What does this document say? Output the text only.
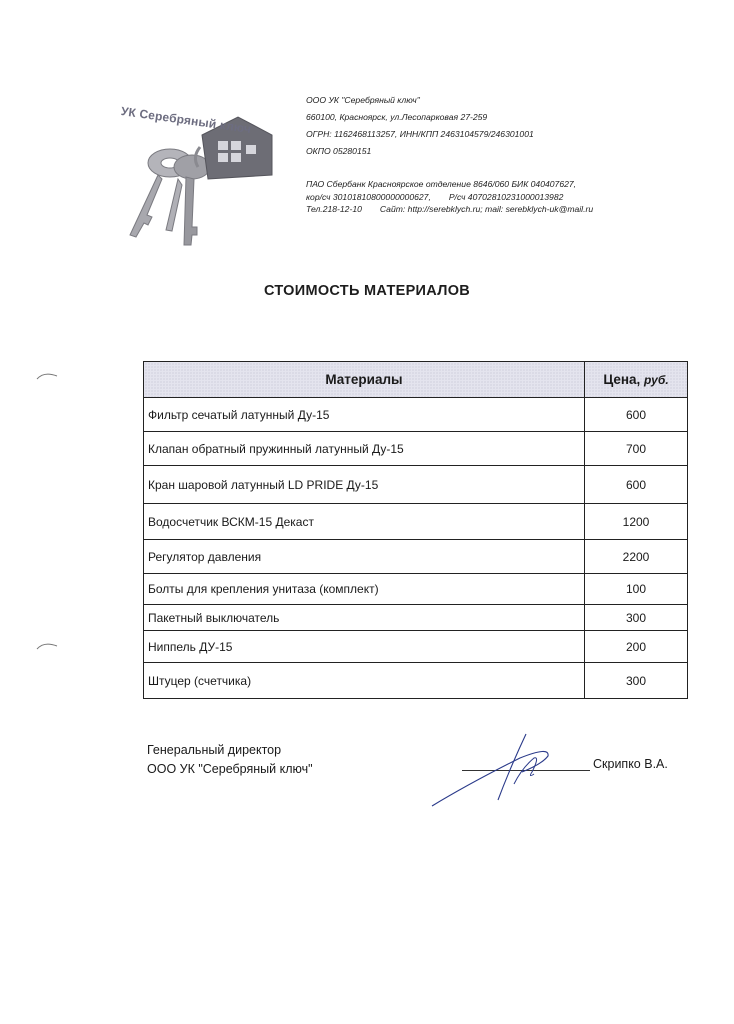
УК Серебряный ключ
ООО УК "Серебряный ключ"
660100, Красноярск, ул.Лесопарковая 27-259
ОГРН: 1162468113257, ИНН/КПП 2463104579/246301001
ОКПО 05280151
ПАО Сбербанк Красноярское отделение 8646/060 БИК 040407627,
кор/сч 30101810800000000627, Р/сч 40702810231000013982
Тел.218-12-10 Сайт: http://serebklych.ru; mail: serebklych-uk@mail.ru
СТОИМОСТЬ МАТЕРИАЛОВ
Материалы	Цена, руб.
Фильтр сечатый латунный Ду-15	600
Клапан обратный пружинный латунный Ду-15	700
Кран шаровой латунный LD PRIDE Ду-15	600
Водосчетчик ВСКМ-15 Декаст	1200
Регулятор давления	2200
Болты для крепления унитаза (комплект)	100
Пакетный выключатель	300
Ниппель ДУ-15	200
Штуцер (счетчика)	300
Генеральный директор
ООО УК "Серебряный ключ"	Скрипко В.А.
